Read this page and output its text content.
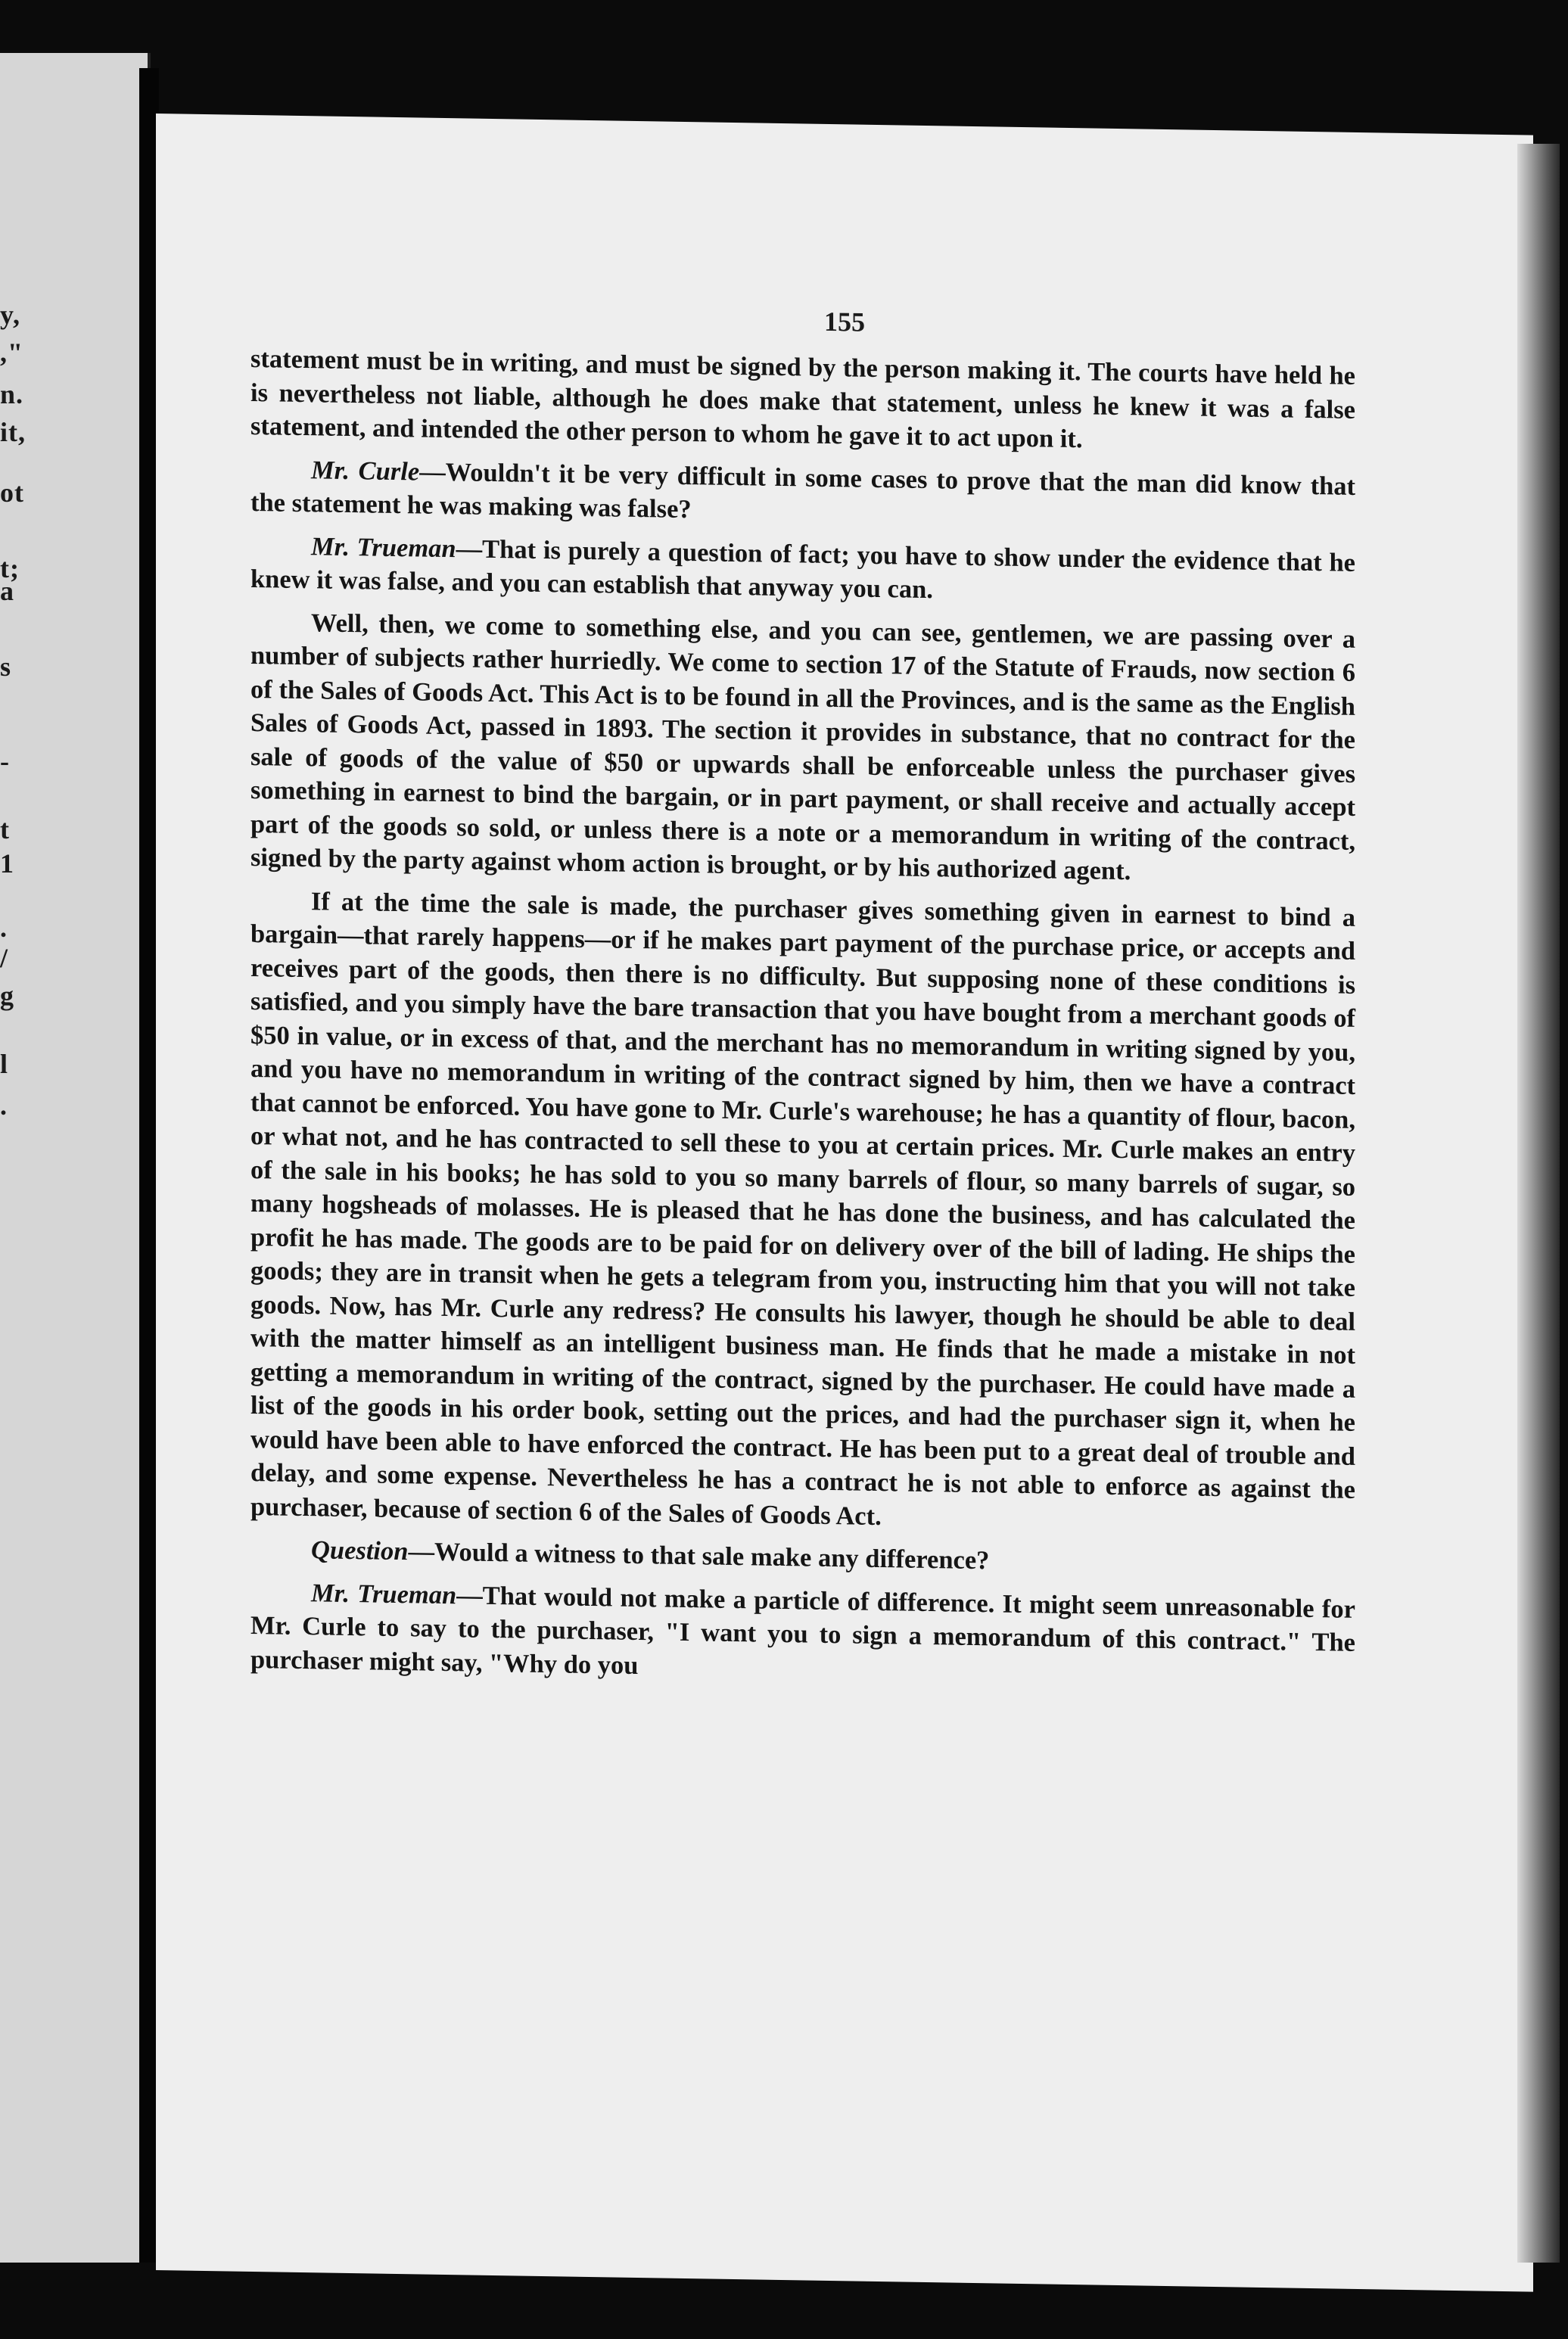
y,
,"
n.
it,
ot
t;
a
s
-
t
1
.
/
g
l
.
155

statement must be in writing, and must be signed by the person making it. The courts have held he is nevertheless not liable, although he does make that statement, unless he knew it was a false statement, and intended the other person to whom he gave it to act upon it.

Mr. Curle—Wouldn't it be very difficult in some cases to prove that the man did know that the statement he was making was false?

Mr. Trueman—That is purely a question of fact; you have to show under the evidence that he knew it was false, and you can establish that anyway you can.

Well, then, we come to something else, and you can see, gentlemen, we are passing over a number of subjects rather hurriedly. We come to section 17 of the Statute of Frauds, now section 6 of the Sales of Goods Act. This Act is to be found in all the Provinces, and is the same as the English Sales of Goods Act, passed in 1893. The section it provides in substance, that no contract for the sale of goods of the value of $50 or upwards shall be enforceable unless the purchaser gives something in earnest to bind the bargain, or in part payment, or shall receive and actually accept part of the goods so sold, or unless there is a note or a memorandum in writing of the contract, signed by the party against whom action is brought, or by his authorized agent.

If at the time the sale is made, the purchaser gives something given in earnest to bind a bargain—that rarely happens—or if he makes part payment of the purchase price, or accepts and receives part of the goods, then there is no difficulty. But supposing none of these conditions is satisfied, and you simply have the bare transaction that you have bought from a merchant goods of $50 in value, or in excess of that, and the merchant has no memorandum in writing signed by you, and you have no memorandum in writing of the contract signed by him, then we have a contract that cannot be enforced. You have gone to Mr. Curle's warehouse; he has a quantity of flour, bacon, or what not, and he has contracted to sell these to you at certain prices. Mr. Curle makes an entry of the sale in his books; he has sold to you so many barrels of flour, so many barrels of sugar, so many hogsheads of molasses. He is pleased that he has done the business, and has calculated the profit he has made. The goods are to be paid for on delivery over of the bill of lading. He ships the goods; they are in transit when he gets a telegram from you, instructing him that you will not take goods. Now, has Mr. Curle any redress? He consults his lawyer, though he should be able to deal with the matter himself as an intelligent business man. He finds that he made a mistake in not getting a memorandum in writing of the contract, signed by the purchaser. He could have made a list of the goods in his order book, setting out the prices, and had the purchaser sign it, when he would have been able to have enforced the contract. He has been put to a great deal of trouble and delay, and some expense. Nevertheless he has a contract he is not able to enforce as against the purchaser, because of section 6 of the Sales of Goods Act.

Question—Would a witness to that sale make any difference?

Mr. Trueman—That would not make a particle of difference. It might seem unreasonable for Mr. Curle to say to the purchaser, "I want you to sign a memorandum of this contract." The purchaser might say, "Why do you
